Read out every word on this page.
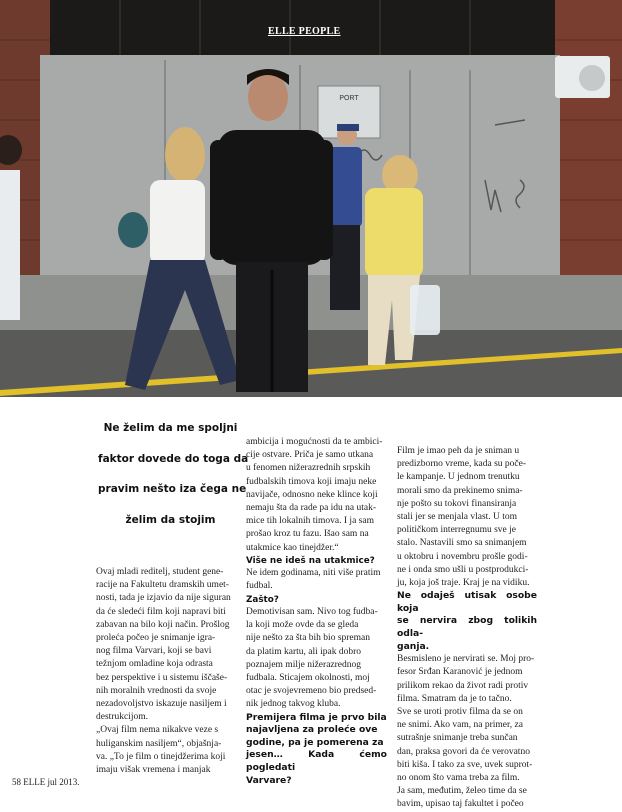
PORT
ELLE PEOPLE
Ne želim da me spoljni
faktor dovede do toga da
pravim nešto iza čega ne
želim da stojim

Ovaj mladi reditelj, student gene-

racije na Fakultetu dramskih umet-

nosti, tada je izjavio da nije siguran

da će sledeći film koji napravi biti

zabavan na bilo koji način. Prošlog

proleća počeo je snimanje igra-

nog filma Varvari, koji se bavi

težnjom omladine koja odrasta

bez perspektive i u sistemu iščaše-

nih moralnih vrednosti da svoje

nezadovoljstvo iskazuje nasiljem i

destrukcijom.

„Ovaj film nema nikakve veze s

huliganskim nasiljem“, objašnja-

va. „To je film o tinejdžerima koji

imaju višak vremena i manjak

ambicija i mogućnosti da te ambici-

cije ostvare. Priča je samo utkana

u fenomen nižerazrednih srpskih

fudbalskih timova koji imaju neke

navijače, odnosno neke klince koji

nemaju šta da rade pa idu na utak-

mice tih lokalnih timova. I ja sam

prošao kroz tu fazu. Išao sam na

utakmice kao tinejdžer.“

Više ne ideš na utakmice?

Ne idem godinama, niti više pratim

fudbal.

Zašto?

Demotivisan sam. Nivo tog fudba-

la koji može ovde da se gleda

nije nešto za šta bih bio spreman

da platim kartu, ali ipak dobro

poznajem milje nižerazrednog

fudbala. Sticajem okolnosti, moj

otac je svojevremeno bio predsed-

nik jednog takvog kluba.

Premijera filma je prvo bila

najavljena za proleće ove

godine, pa je pomerena za

jesen… Kada ćemo pogledati

Varvare?

Film je imao peh da je sniman u

predizborno vreme, kada su poče-

le kampanje. U jednom trenutku

morali smo da prekinemo snima-

nje pošto su tokovi finansiranja

stali jer se menjala vlast. U tom

političkom interregnumu sve je

stalo. Nastavili smo sa snimanjem

u oktobru i novembru prošle godi-

ne i onda smo ušli u postprodukci-

ju, koja još traje. Kraj je na vidiku.

Ne odaješ utisak osobe koja

se nervira zbog tolikih odla-

ganja.

Besmisleno je nervirati se. Moj pro-

fesor Srđan Karanović je jednom

prilikom rekao da život radi protiv

filma. Smatram da je to tačno.

Sve se uroti protiv filma da se on

ne snimi. Ako vam, na primer, za

sutrašnje snimanje treba sunčan

dan, praksa govori da će verovatno

biti kiša. I tako za sve, uvek suprot-

no onom što vama treba za film.

Ja sam, međutim, želeo time da se

bavim, upisao taj fakultet i počeo

58 ELLE jul 2013.
